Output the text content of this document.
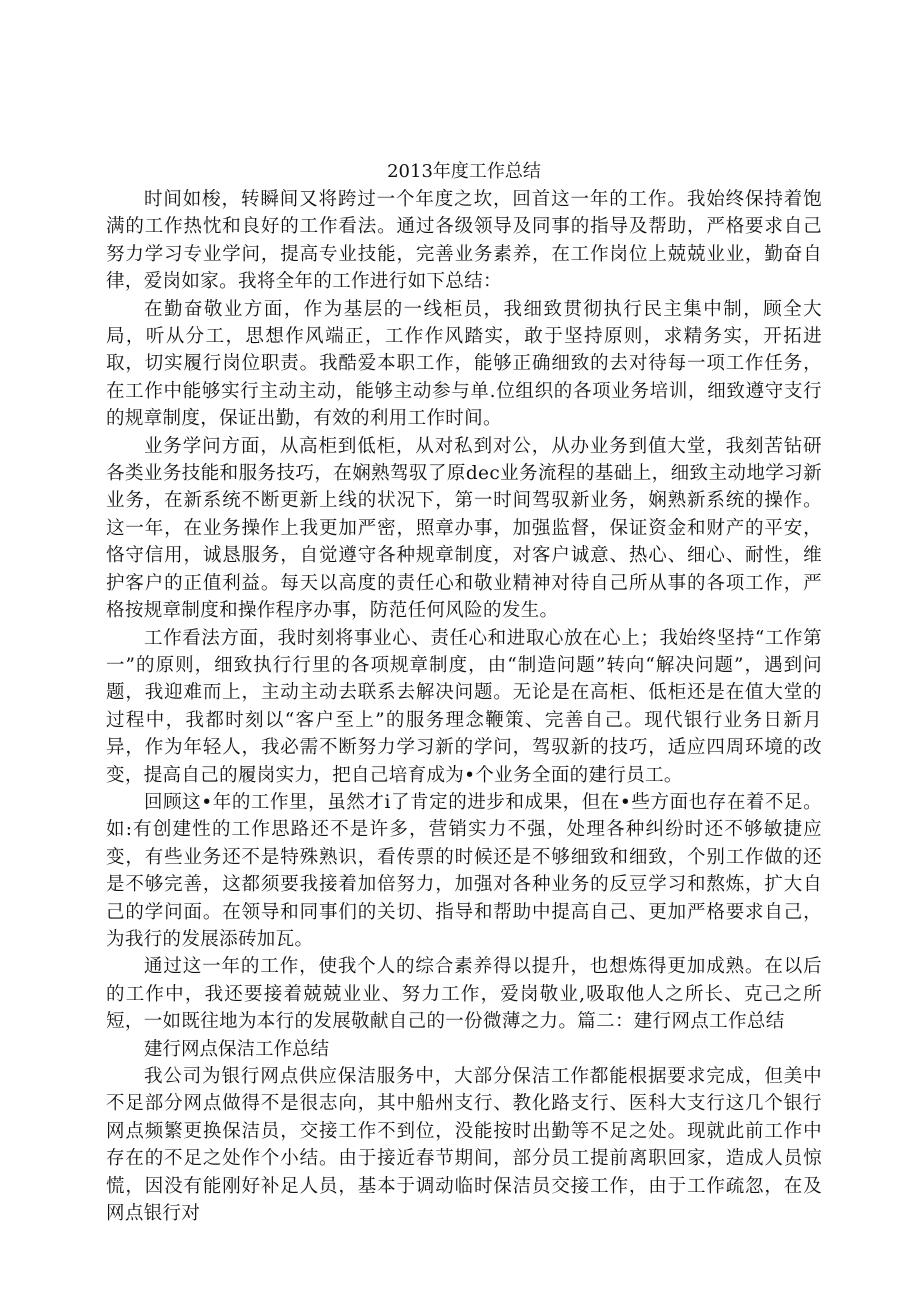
2013年度工作总结

时间如梭，转瞬间又将跨过一个年度之坎，回首这一年的工作。我始终保持着饱满的工作热忱和良好的工作看法。通过各级领导及同事的指导及帮助，严格要求自己努力学习专业学问，提高专业技能，完善业务素养，在工作岗位上兢兢业业，勤奋自律，爱岗如家。我将全年的工作进行如下总结：

在勤奋敬业方面，作为基层的一线柜员，我细致贯彻执行民主集中制，顾全大局，听从分工，思想作风端正，工作作风踏实，敢于坚持原则，求精务实，开拓进取，切实履行岗位职责。我酷爱本职工作，能够正确细致的去对待每一项工作任务，在工作中能够实行主动主动，能够主动参与单.位组织的各项业务培训，细致遵守支行的规章制度，保证出勤，有效的利用工作时间。

业务学问方面，从高柜到低柜，从对私到对公，从办业务到值大堂，我刻苦钻研各类业务技能和服务技巧，在娴熟驾驭了原dec业务流程的基础上，细致主动地学习新业务，在新系统不断更新上线的状况下，第一时间驾驭新业务，娴熟新系统的操作。这一年，在业务操作上我更加严密，照章办事，加强监督，保证资金和财产的平安，恪守信用，诚恳服务，自觉遵守各种规章制度，对客户诚意、热心、细心、耐性，维护客户的正值利益。每天以高度的责任心和敬业精神对待自己所从事的各项工作，严格按规章制度和操作程序办事，防范任何风险的发生。

工作看法方面，我时刻将事业心、责任心和进取心放在心上；我始终坚持“工作第一”的原则，细致执行行里的各项规章制度，由“制造问题”转向“解决问题”，遇到问题，我迎难而上，主动主动去联系去解决问题。无论是在高柜、低柜还是在值大堂的过程中，我都时刻以“客户至上”的服务理念鞭策、完善自己。现代银行业务日新月异，作为年轻人，我必需不断努力学习新的学问，驾驭新的技巧，适应四周环境的改变，提高自己的履岗实力，把自己培育成为•个业务全面的建行员工。

回顾这•年的工作里，虽然才i了肯定的进步和成果，但在•些方面也存在着不足。如:有创建性的工作思路还不是许多，营销实力不强，处理各种纠纷时还不够敏捷应变，有些业务还不是特殊熟识，看传票的时候还是不够细致和细致，个别工作做的还是不够完善，这都须要我接着加倍努力，加强对各种业务的反豆学习和熬炼，扩大自己的学问面。在领导和同事们的关切、指导和帮助中提高自己、更加严格要求自己，为我行的发展添砖加瓦。

通过这一年的工作，使我个人的综合素养得以提升，也想炼得更加成熟。在以后的工作中，我还要接着兢兢业业、努力工作，爱岗敬业,吸取他人之所长、克己之所短，一如既往地为本行的发展敬献自己的一份微薄之力。篇二：建行网点工作总结

建行网点保洁工作总结

我公司为银行网点供应保洁服务中，大部分保洁工作都能根据要求完成，但美中不足部分网点做得不是很志向，其中船州支行、教化路支行、医科大支行这几个银行网点频繁更换保洁员，交接工作不到位，没能按时出勤等不足之处。现就此前工作中存在的不足之处作个小结。由于接近春节期间，部分员工提前离职回家，造成人员惊慌，因没有能刚好补足人员，基本于调动临时保洁员交接工作，由于工作疏忽，在及网点银行对
